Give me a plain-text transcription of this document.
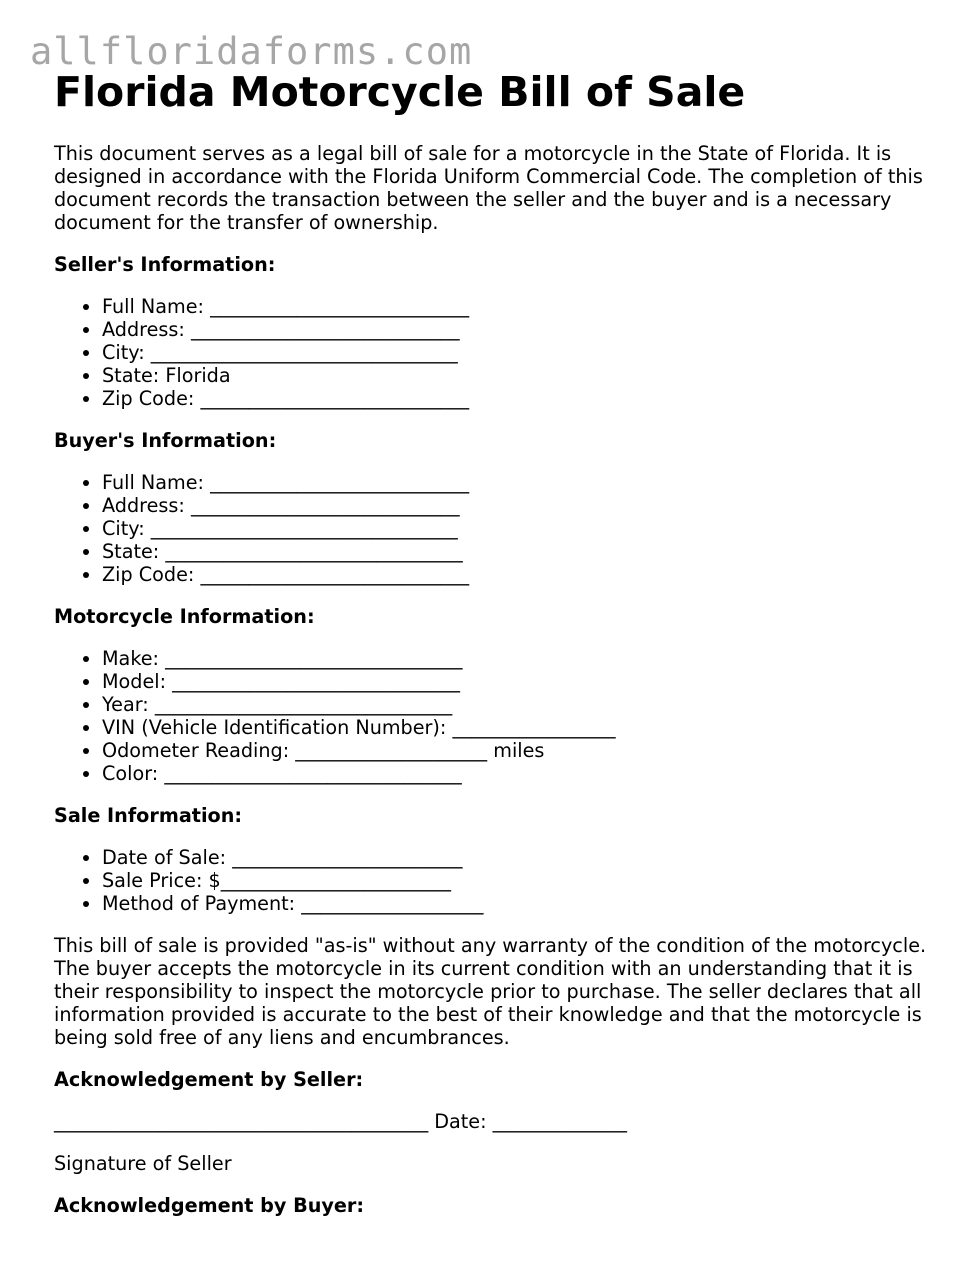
allfloridaforms.com
Florida Motorcycle Bill of Sale

This document serves as a legal bill of sale for a motorcycle in the State of Florida. It is designed in accordance with the Florida Uniform Commercial Code. The completion of this document records the transaction between the seller and the buyer and is a necessary document for the transfer of ownership.

Seller's Information:

• Full Name: ___________________________
• Address: ____________________________
• City: ________________________________
• State: Florida
• Zip Code: ____________________________

Buyer's Information:

• Full Name: ___________________________
• Address: ____________________________
• City: ________________________________
• State: _______________________________
• Zip Code: ____________________________

Motorcycle Information:

• Make: _______________________________
• Model: ______________________________
• Year: _______________________________
• VIN (Vehicle Identification Number): _________________
• Odometer Reading: ____________________ miles
• Color: _______________________________

Sale Information:

• Date of Sale: ________________________
• Sale Price: $________________________
• Method of Payment: ___________________

This bill of sale is provided "as-is" without any warranty of the condition of the motorcycle. The buyer accepts the motorcycle in its current condition with an understanding that it is their responsibility to inspect the motorcycle prior to purchase. The seller declares that all information provided is accurate to the best of their knowledge and that the motorcycle is being sold free of any liens and encumbrances.

Acknowledgement by Seller:

_______________________________________ Date: ______________

Signature of Seller

Acknowledgement by Buyer:
